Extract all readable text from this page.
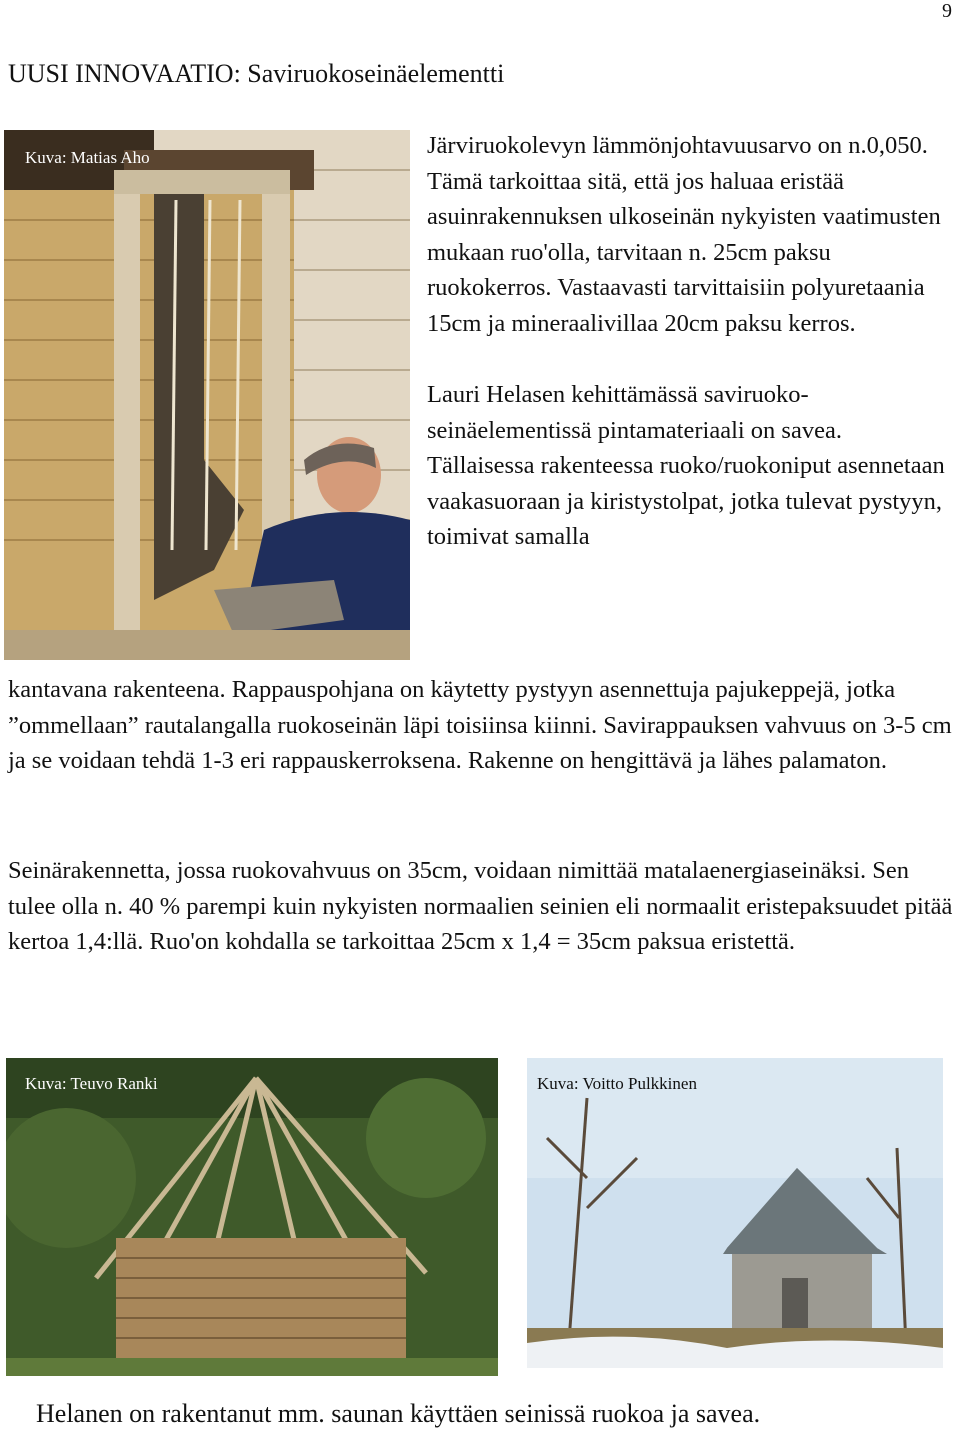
9
UUSI INNOVAATIO: Saviruokoseinäelementti
Kuva: Matias Aho	Järviruokolevyn lämmönjohtavuusarvo on n.0,050. Tämä tarkoittaa sitä, että jos haluaa eristää asuinrakennuksen ulkoseinän nykyisten vaatimusten mukaan ruo'olla, tarvitaan n. 25cm paksu ruokokerros. Vastaavasti tarvittaisiin polyuretaania 15cm ja mineraalivillaa 20cm paksu kerros.

Lauri Helasen kehittämässä saviruoko-seinäelementissä pintamateriaali on savea.

Tällaisessa rakenteessa ruoko/ruokoniput asennetaan vaakasuoraan ja kiristystolpat, jotka tulevat pystyyn, toimivat samalla

kantavana rakenteena. Rappauspohjana on käytetty pystyyn asennettuja pajukeppejä, jotka ”ommellaan” rautalangalla ruokoseinän läpi toisiinsa kiinni. Savirappauksen vahvuus on 3-5 cm ja se voidaan tehdä 1-3 eri rappauskerroksena. Rakenne on hengittävä ja lähes palamaton.

Seinärakennetta, jossa ruokovahvuus on 35cm, voidaan nimittää matalaenergiaseinäksi. Sen tulee olla n. 40 % parempi kuin nykyisten normaalien seinien eli normaalit eristepaksuudet pitää kertoa 1,4:llä. Ruo'on kohdalla se tarkoittaa 25cm x 1,4 = 35cm paksua eristettä.

Kuva: Teuvo Ranki	Kuva: Voitto Pulkkinen

Helanen on rakentanut mm. saunan käyttäen seinissä ruokoa ja savea.
